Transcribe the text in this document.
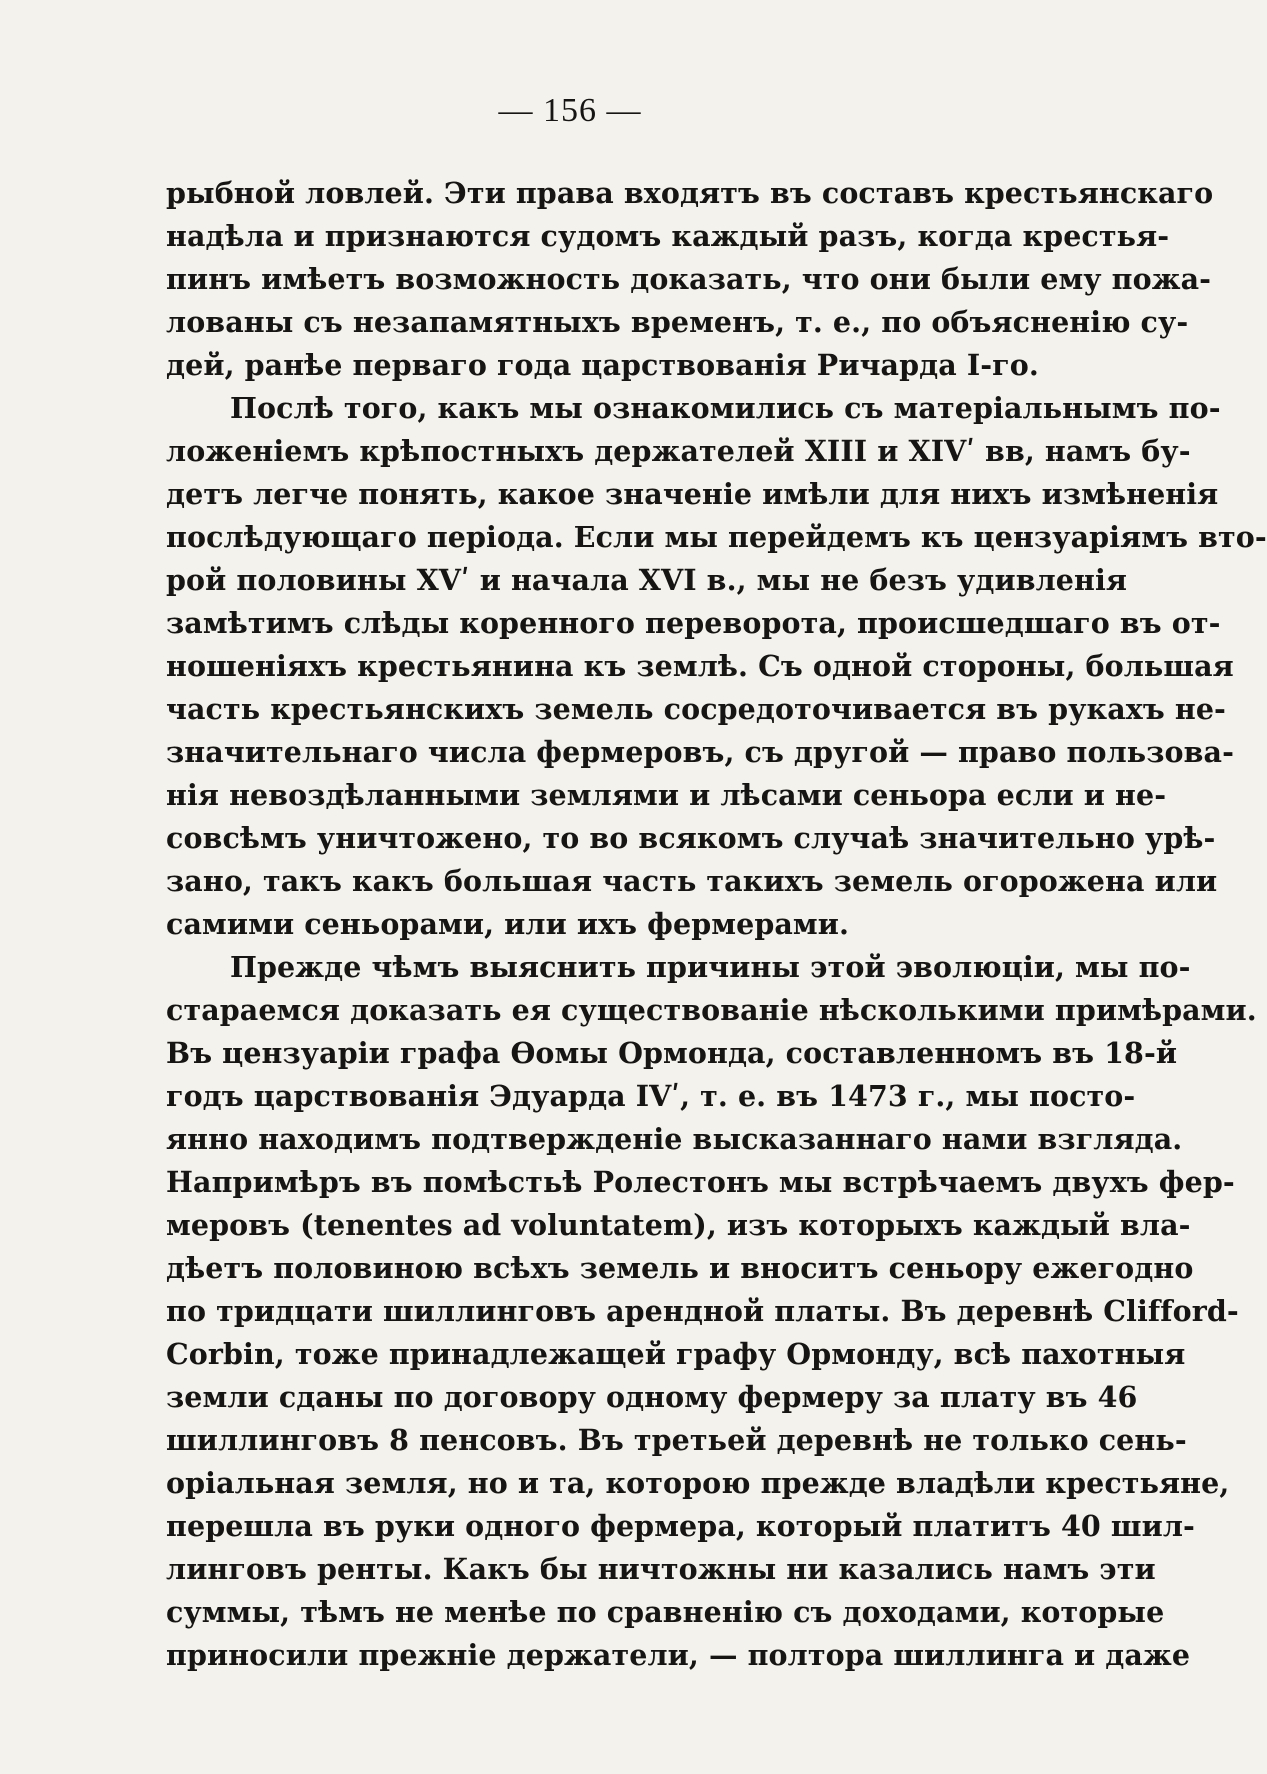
— 156 —
рыбной ловлей. Эти права входятъ въ составъ крестьянскаго
надѣла и признаются судомъ каждый разъ, когда крестья-
пинъ имѣетъ возможность доказать, что они были ему пожа-
лованы съ незапамятныхъ временъ, т. е., по объясненію су-
дей, ранѣе перваго года царствованія Ричарда I-го.
Послѣ того, какъ мы ознакомились съ матеріальнымъ по-
ложеніемъ крѣпостныхъ держателей XIII и XIVʹ вв, намъ бу-
детъ легче понять, какое значеніе имѣли для нихъ измѣненія
послѣдующаго періода. Если мы перейдемъ къ цензуаріямъ вто-
рой половины XVʹ и начала XVI в., мы не безъ удивленія
замѣтимъ слѣды коренного переворота, происшедшаго въ от-
ношеніяхъ крестьянина къ землѣ. Съ одной стороны, большая
часть крестьянскихъ земель сосредоточивается въ рукахъ не-
значительнаго числа фермеровъ, съ другой — право пользова-
нія невоздѣланными землями и лѣсами сеньора если и не-
совсѣмъ уничтожено, то во всякомъ случаѣ значительно урѣ-
зано, такъ какъ большая часть такихъ земель огорожена или
самими сеньорами, или ихъ фермерами.
Прежде чѣмъ выяснить причины этой эволюціи, мы по-
стараемся доказать ея существованіе нѣсколькими примѣрами.
Въ цензуаріи графа Ѳомы Ормонда, составленномъ въ 18-й
годъ царствованія Эдуарда IVʹ, т. е. въ 1473 г., мы посто-
янно находимъ подтвержденіе высказаннаго нами взгляда.
Напримѣръ въ помѣстьѣ Ролестонъ мы встрѣчаемъ двухъ фер-
меровъ (tenentes ad voluntatem), изъ которыхъ каждый вла-
дѣетъ половиною всѣхъ земель и вноситъ сеньору ежегодно
по тридцати шиллинговъ арендной платы. Въ деревнѣ Clifford-
Corbin, тоже принадлежащей графу Ормонду, всѣ пахотныя
земли сданы по договору одному фермеру за плату въ 46
шиллинговъ 8 пенсовъ. Въ третьей деревнѣ не только сень-
оріальная земля, но и та, которою прежде владѣли крестьяне,
перешла въ руки одного фермера, который платитъ 40 шил-
линговъ ренты. Какъ бы ничтожны ни казались намъ эти
суммы, тѣмъ не менѣе по сравненію съ доходами, которые
приносили прежніе держатели, — полтора шиллинга и даже
